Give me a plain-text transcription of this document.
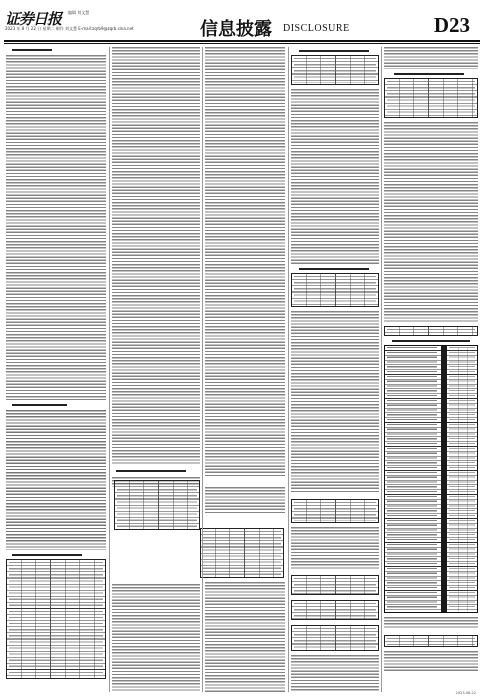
证券日报 编辑 刘文慧
2023 年 8 月 22 日 星期二 制作 刘文慧 E-mail:zqrb9@zqrb.sina.net	信息披露 DISCLOSURE	D23
2023-08-22
